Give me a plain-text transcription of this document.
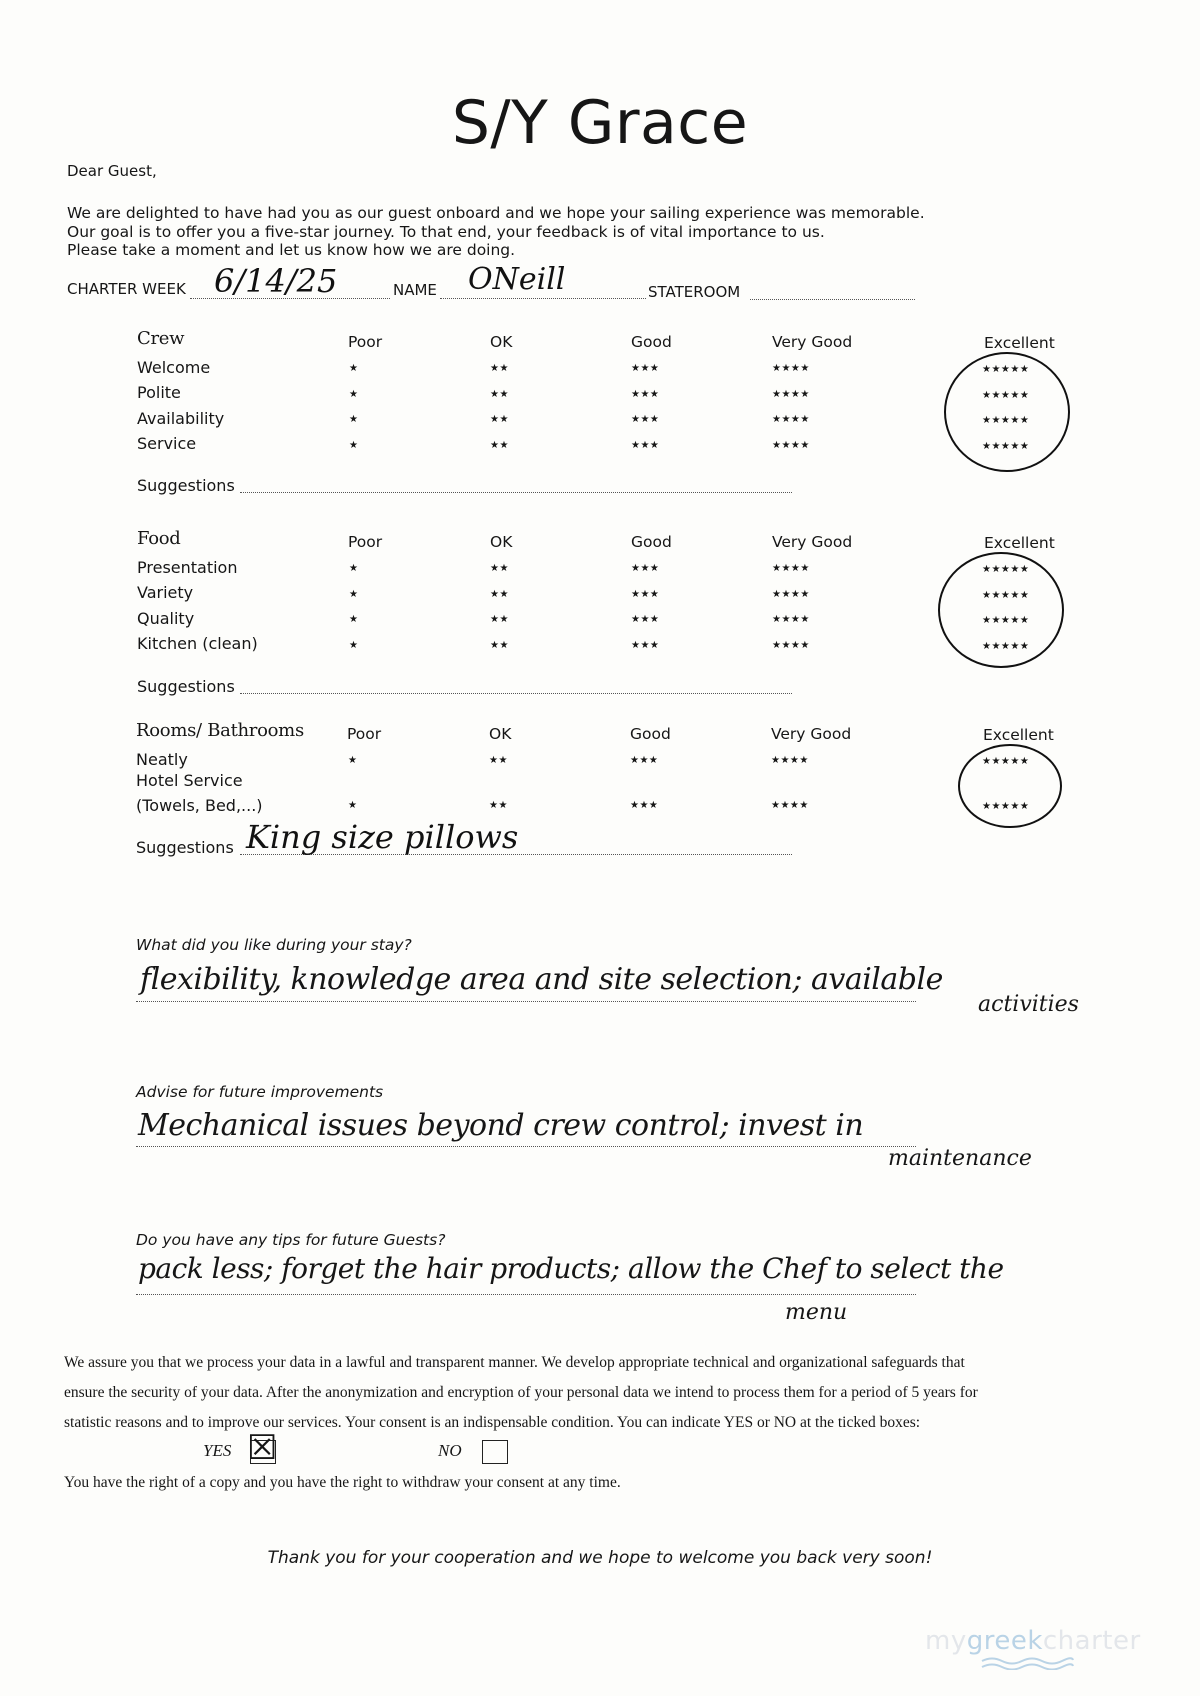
S/Y Grace
Dear Guest,
We are delighted to have had you as our guest onboard and we hope your sailing experience was memorable.
Our goal is to offer you a five-star journey. To that end, your feedback is of vital importance to us.
Please take a moment and let us know how we are doing.
CHARTER WEEK 6/14/25	NAME ONeill	STATEROOM
Crew	Poor	OK	Good	Very Good	Excellent
Welcome	★	★★	★★★	★★★★	★★★★★
Polite	★	★★	★★★	★★★★	★★★★★
Availability	★	★★	★★★	★★★★	★★★★★
Service	★	★★	★★★	★★★★	★★★★★
Suggestions
Food	Poor	OK	Good	Very Good	Excellent
Presentation	★	★★	★★★	★★★★	★★★★★
Variety	★	★★	★★★	★★★★	★★★★★
Quality	★	★★	★★★	★★★★	★★★★★
Kitchen (clean)	★	★★	★★★	★★★★	★★★★★
Suggestions
Rooms/ Bathrooms	Poor	OK	Good	Very Good	Excellent
Neatly	★	★★	★★★	★★★★	★★★★★
Hotel Service
(Towels, Bed,...)	★	★★	★★★	★★★★	★★★★★
Suggestions King size pillows
What did you like during your stay?
flexibility, knowledge area and site selection; available
activities
Advise for future improvements
Mechanical issues beyond crew control; invest in
maintenance
Do you have any tips for future Guests?
pack less; forget the hair products; allow the Chef to select the
menu
We assure you that we process your data in a lawful and transparent manner. We develop appropriate technical and organizational safeguards that
ensure the security of your data. After the anonymization and encryption of your personal data we intend to process them for a period of 5 years for
statistic reasons and to improve our services. Your consent is an indispensable condition. You can indicate YES or NO at the ticked boxes:
YES ☒	NO
You have the right of a copy and you have the right to withdraw your consent at any time.
Thank you for your cooperation and we hope to welcome you back very soon!
mygreekcharter
